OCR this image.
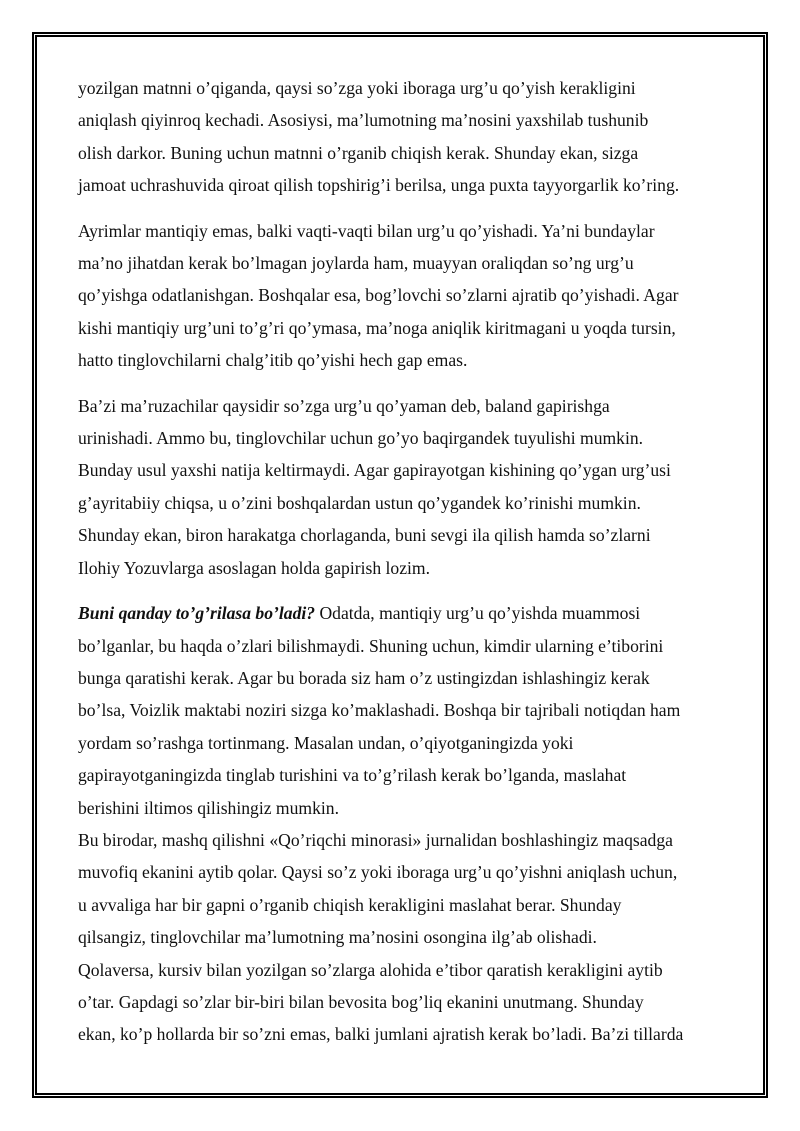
yozilgan matnni o’qiganda, qaysi so’zga yoki iboraga urg’u qo’yish kerakligini
aniqlash qiyinroq kechadi. Asosiysi, ma’lumotning ma’nosini yaxshilab tushunib
olish darkor. Buning uchun matnni o’rganib chiqish kerak. Shunday ekan, sizga
jamoat uchrashuvida qiroat qilish topshirig’i berilsa, unga puxta tayyorgarlik ko’ring.

Ayrimlar mantiqiy emas, balki vaqti-vaqti bilan urg’u qo’yishadi. Ya’ni bundaylar
ma’no jihatdan kerak bo’lmagan joylarda ham, muayyan oraliqdan so’ng urg’u
qo’yishga odatlanishgan. Boshqalar esa, bog’lovchi so’zlarni ajratib qo’yishadi. Agar
kishi mantiqiy urg’uni to’g’ri qo’ymasa, ma’noga aniqlik kiritmagani u yoqda tursin,
hatto tinglovchilarni chalg’itib qo’yishi hech gap emas.

Ba’zi ma’ruzachilar qaysidir so’zga urg’u qo’yaman deb, baland gapirishga
urinishadi. Ammo bu, tinglovchilar uchun go’yo baqirgandek tuyulishi mumkin.
Bunday usul yaxshi natija keltirmaydi. Agar gapirayotgan kishining qo’ygan urg’usi
g’ayritabiiy chiqsa, u o’zini boshqalardan ustun qo’ygandek ko’rinishi mumkin.
Shunday ekan, biron harakatga chorlaganda, buni sevgi ila qilish hamda so’zlarni
Ilohiy Yozuvlarga asoslagan holda gapirish lozim.

Buni qanday to’g’rilasa bo’ladi? Odatda, mantiqiy urg’u qo’yishda muammosi
bo’lganlar, bu haqda o’zlari bilishmaydi. Shuning uchun, kimdir ularning e’tiborini
bunga qaratishi kerak. Agar bu borada siz ham o’z ustingizdan ishlashingiz kerak
bo’lsa, Voizlik maktabi noziri sizga ko’maklashadi. Boshqa bir tajribali notiqdan ham
yordam so’rashga tortinmang. Masalan undan, o’qiyotganingizda yoki
gapirayotganingizda tinglab turishini va to’g’rilash kerak bo’lganda, maslahat
berishini iltimos qilishingiz mumkin.
Bu birodar, mashq qilishni «Qo’riqchi minorasi» jurnalidan boshlashingiz maqsadga
muvofiq ekanini aytib qolar. Qaysi so’z yoki iboraga urg’u qo’yishni aniqlash uchun,
u avvaliga har bir gapni o’rganib chiqish kerakligini maslahat berar. Shunday
qilsangiz, tinglovchilar ma’lumotning ma’nosini osongina ilg’ab olishadi.
Qolaversa, kursiv bilan yozilgan so’zlarga alohida e’tibor qaratish kerakligini aytib
o’tar. Gapdagi so’zlar bir-biri bilan bevosita bog’liq ekanini unutmang. Shunday
ekan, ko’p hollarda bir so’zni emas, balki jumlani ajratish kerak bo’ladi. Ba’zi tillarda
